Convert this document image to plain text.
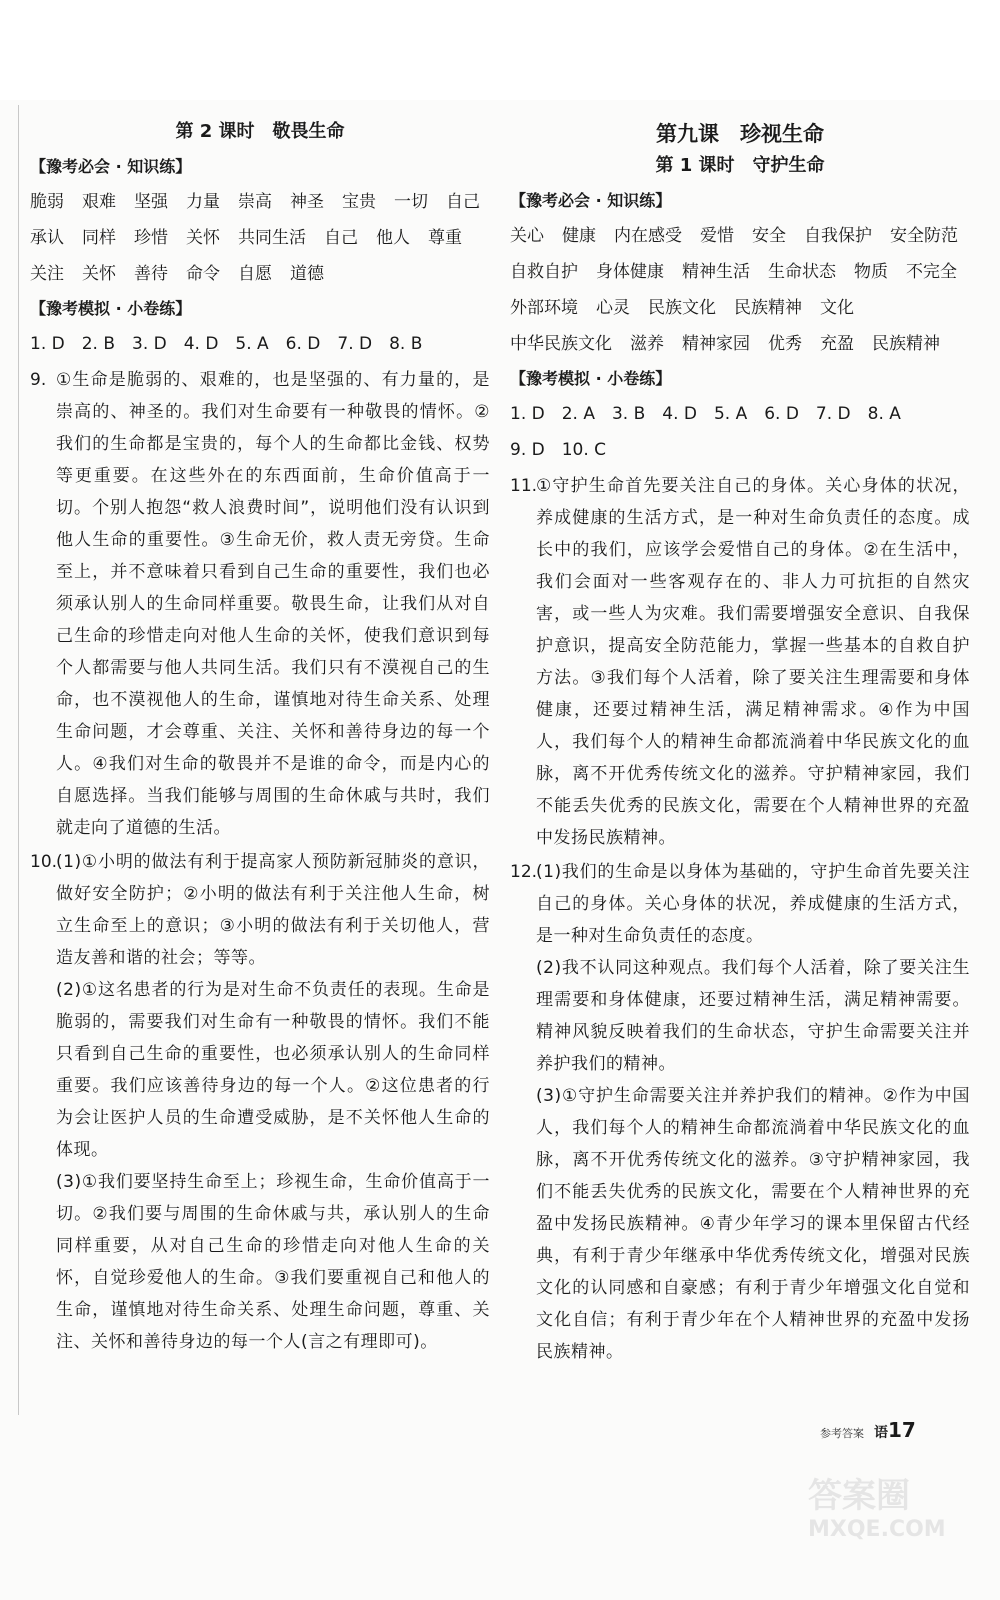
第 2 课时　敬畏生命
【豫考必会 · 知识练】
脆弱 艰难 坚强 力量 崇高 神圣 宝贵 一切 自己
承认 同样 珍惜 关怀 共同生活 自己 他人 尊重
关注 关怀 善待 命令 自愿 道德
【豫考模拟 · 小卷练】
1. D　2. B　3. D　4. D　5. A　6. D　7. D　8. B
9. ①生命是脆弱的、艰难的，也是坚强的、有力量的，是崇高的、神圣的。我们对生命要有一种敬畏的情怀。②我们的生命都是宝贵的，每个人的生命都比金钱、权势等更重要。在这些外在的东西面前，生命价值高于一切。个别人抱怨“救人浪费时间”，说明他们没有认识到他人生命的重要性。③生命无价，救人责无旁贷。生命至上，并不意味着只看到自己生命的重要性，我们也必须承认别人的生命同样重要。敬畏生命，让我们从对自己生命的珍惜走向对他人生命的关怀，使我们意识到每个人都需要与他人共同生活。我们只有不漠视自己的生命，也不漠视他人的生命，谨慎地对待生命关系、处理生命问题，才会尊重、关注、关怀和善待身边的每一个人。④我们对生命的敬畏并不是谁的命令，而是内心的自愿选择。当我们能够与周围的生命休戚与共时，我们就走向了道德的生活。
10.
(1)①小明的做法有利于提高家人预防新冠肺炎的意识，做好安全防护；②小明的做法有利于关注他人生命，树立生命至上的意识；③小明的做法有利于关切他人，营造友善和谐的社会；等等。

(2)①这名患者的行为是对生命不负责任的表现。生命是脆弱的，需要我们对生命有一种敬畏的情怀。我们不能只看到自己生命的重要性，也必须承认别人的生命同样重要。我们应该善待身边的每一个人。②这位患者的行为会让医护人员的生命遭受威胁，是不关怀他人生命的体现。

(3)①我们要坚持生命至上；珍视生命，生命价值高于一切。②我们要与周围的生命休戚与共，承认别人的生命同样重要，从对自己生命的珍惜走向对他人生命的关怀，自觉珍爱他人的生命。③我们要重视自己和他人的生命，谨慎地对待生命关系、处理生命问题，尊重、关注、关怀和善待身边的每一个人(言之有理即可)。

第九课　珍视生命
第 1 课时　守护生命
【豫考必会 · 知识练】
关心 健康 内在感受 爱惜 安全 自我保护 安全防范
自救自护 身体健康 精神生活 生命状态 物质 不完全
外部环境 心灵 民族文化 民族精神 文化
中华民族文化 滋养 精神家园 优秀 充盈 民族精神
【豫考模拟 · 小卷练】
1. D　2. A　3. B　4. D　5. A　6. D　7. D　8. A
9. D　10. C
11.
①守护生命首先要关注自己的身体。关心身体的状况，养成健康的生活方式，是一种对生命负责任的态度。成长中的我们，应该学会爱惜自己的身体。②在生活中，我们会面对一些客观存在的、非人力可抗拒的自然灾害，或一些人为灾难。我们需要增强安全意识、自我保护意识，提高安全防范能力，掌握一些基本的自救自护方法。③我们每个人活着，除了要关注生理需要和身体健康，还要过精神生活，满足精神需求。④作为中国人，我们每个人的精神生命都流淌着中华民族文化的血脉，离不开优秀传统文化的滋养。守护精神家园，我们不能丢失优秀的民族文化，需要在个人精神世界的充盈中发扬民族精神。
12.
(1)我们的生命是以身体为基础的，守护生命首先要关注自己的身体。关心身体的状况，养成健康的生活方式，是一种对生命负责任的态度。

(2)我不认同这种观点。我们每个人活着，除了要关注生理需要和身体健康，还要过精神生活，满足精神需要。精神风貌反映着我们的生命状态，守护生命需要关注并养护我们的精神。

(3)①守护生命需要关注并养护我们的精神。②作为中国人，我们每个人的精神生命都流淌着中华民族文化的血脉，离不开优秀传统文化的滋养。③守护精神家园，我们不能丢失优秀的民族文化，需要在个人精神世界的充盈中发扬民族精神。④青少年学习的课本里保留古代经典，有利于青少年继承中华优秀传统文化，增强对民族文化的认同感和自豪感；有利于青少年增强文化自觉和文化自信；有利于青少年在个人精神世界的充盈中发扬民族精神。

参考答案 语17
答案圈
MXQE.COM
